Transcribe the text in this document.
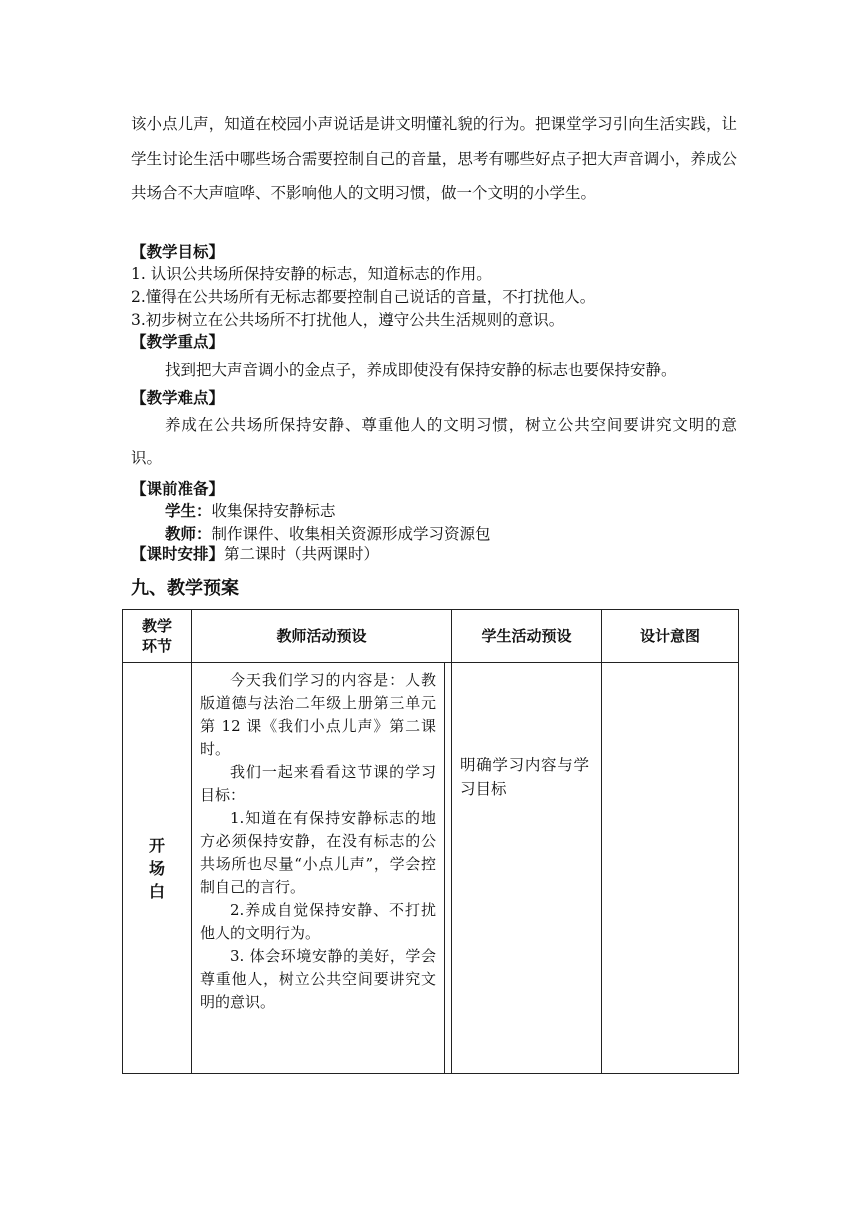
该小点儿声，知道在校园小声说话是讲文明懂礼貌的行为。把课堂学习引向生活实践，让学生讨论生活中哪些场合需要控制自己的音量，思考有哪些好点子把大声音调小，养成公共场合不大声喧哗、不影响他人的文明习惯，做一个文明的小学生。

【教学目标】

1. 认识公共场所保持安静的标志，知道标志的作用。

2.懂得在公共场所有无标志都要控制自己说话的音量，不打扰他人。

3.初步树立在公共场所不打扰他人，遵守公共生活规则的意识。

【教学重点】

找到把大声音调小的金点子，养成即使没有保持安静的标志也要保持安静。

【教学难点】

养成在公共场所保持安静、尊重他人的文明习惯，树立公共空间要讲究文明的意识。

【课前准备】

学生：收集保持安静标志

教师：制作课件、收集相关资源形成学习资源包

【课时安排】第二课时（共两课时）

九、教学预案

教学环节	教师活动预设	学生活动预设	设计意图
开场白	今天我们学习的内容是：人教版道德与法治二年级上册第三单元第 12 课《我们小点儿声》第二课时。

我们一起来看看这节课的学习目标：

1.知道在有保持安静标志的地方必须保持安静，在没有标志的公共场所也尽量“小点儿声”，学会控制自己的言行。

2.养成自觉保持安静、不打扰他人的文明行为。

3. 体会环境安静的美好，学会尊重他人，树立公共空间要讲究文明的意识。	明确学习内容与学习目标	
